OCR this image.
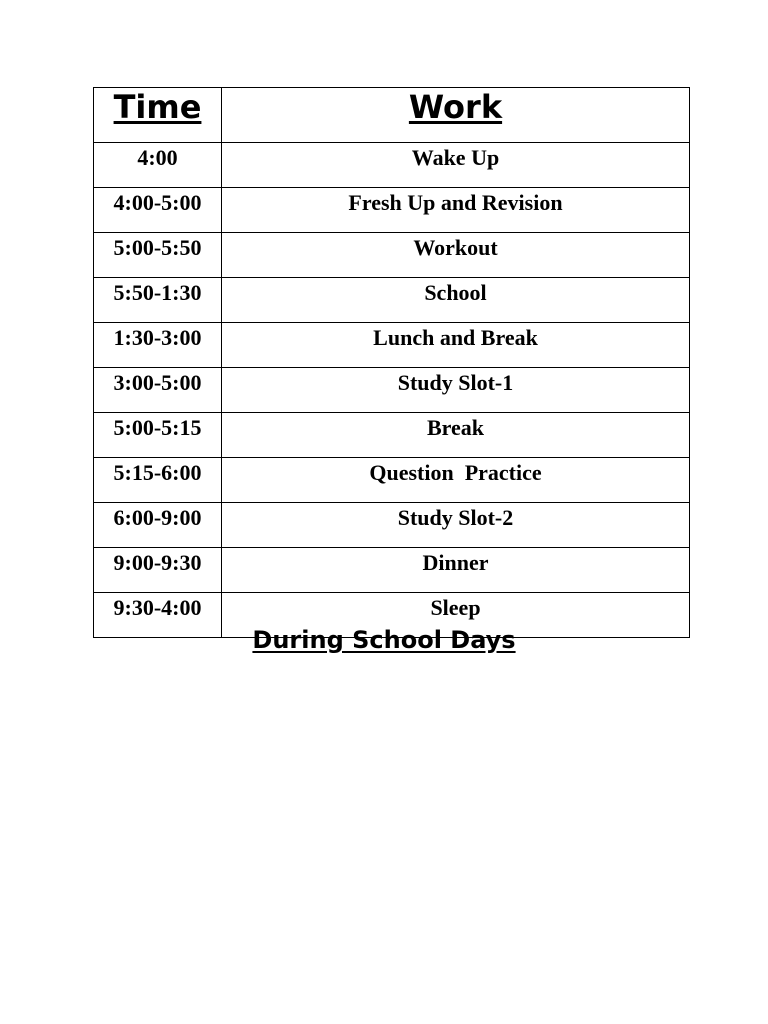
Time	Work
4:00	Wake Up
4:00-5:00	Fresh Up and Revision
5:00-5:50	Workout
5:50-1:30	School
1:30-3:00	Lunch and Break
3:00-5:00	Study Slot-1
5:00-5:15	Break
5:15-6:00	Question  Practice
6:00-9:00	Study Slot-2
9:00-9:30	Dinner
9:30-4:00	Sleep
During School Days
